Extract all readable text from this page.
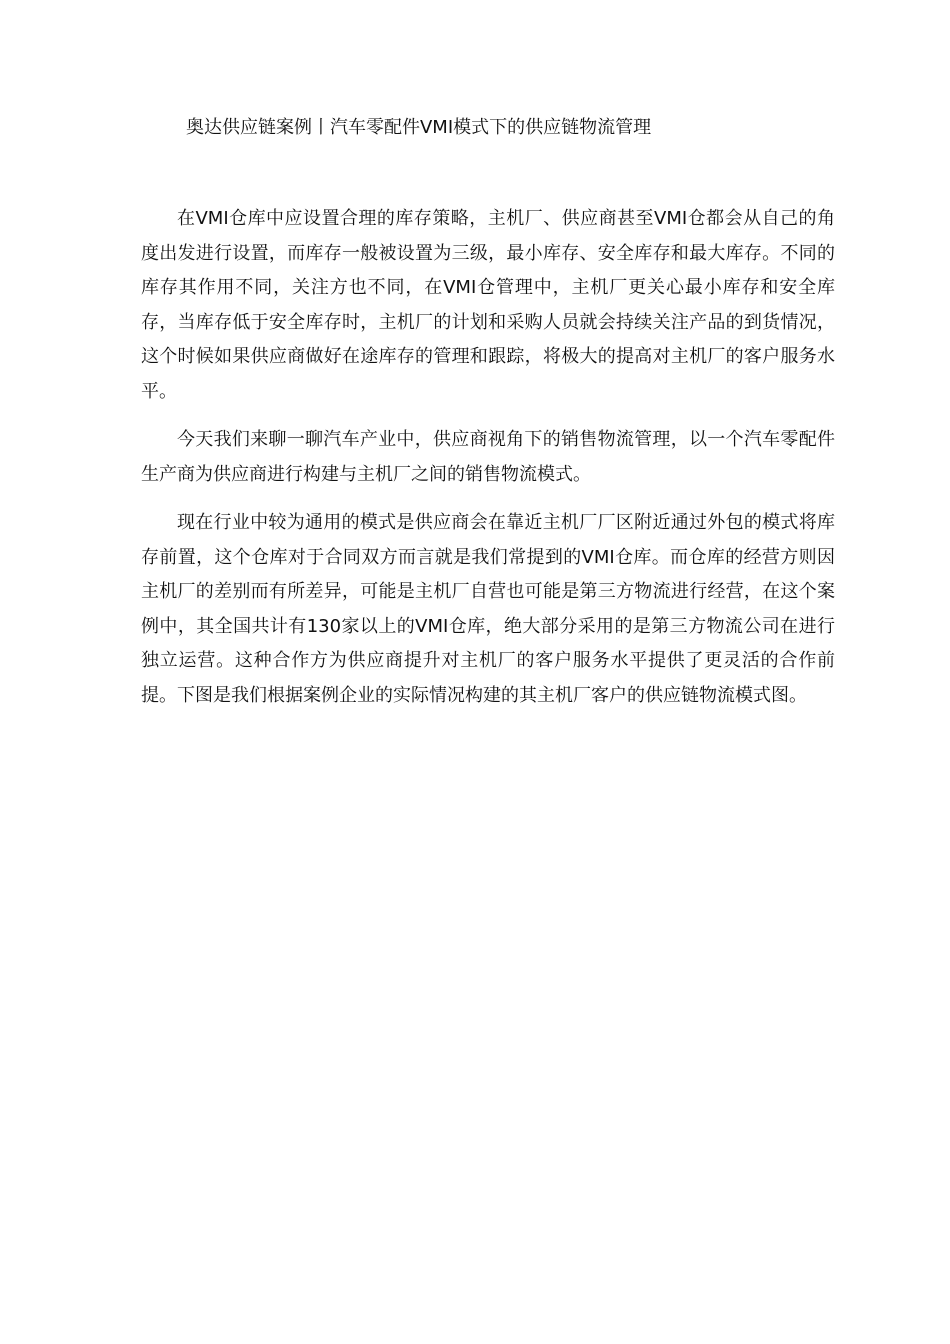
奥达供应链案例丨汽车零配件VMI模式下的供应链物流管理

在VMI仓库中应设置合理的库存策略，主机厂、供应商甚至VMI仓都会从自己的角度出发进行设置，而库存一般被设置为三级，最小库存、安全库存和最大库存。不同的库存其作用不同，关注方也不同，在VMI仓管理中，主机厂更关心最小库存和安全库存，当库存低于安全库存时，主机厂的计划和采购人员就会持续关注产品的到货情况，这个时候如果供应商做好在途库存的管理和跟踪，将极大的提高对主机厂的客户服务水平。

今天我们来聊一聊汽车产业中，供应商视角下的销售物流管理，以一个汽车零配件生产商为供应商进行构建与主机厂之间的销售物流模式。

现在行业中较为通用的模式是供应商会在靠近主机厂厂区附近通过外包的模式将库存前置，这个仓库对于合同双方而言就是我们常提到的VMI仓库。而仓库的经营方则因主机厂的差别而有所差异，可能是主机厂自营也可能是第三方物流进行经营，在这个案例中，其全国共计有130家以上的VMI仓库，绝大部分采用的是第三方物流公司在进行独立运营。这种合作方为供应商提升对主机厂的客户服务水平提供了更灵活的合作前提。下图是我们根据案例企业的实际情况构建的其主机厂客户的供应链物流模式图。
